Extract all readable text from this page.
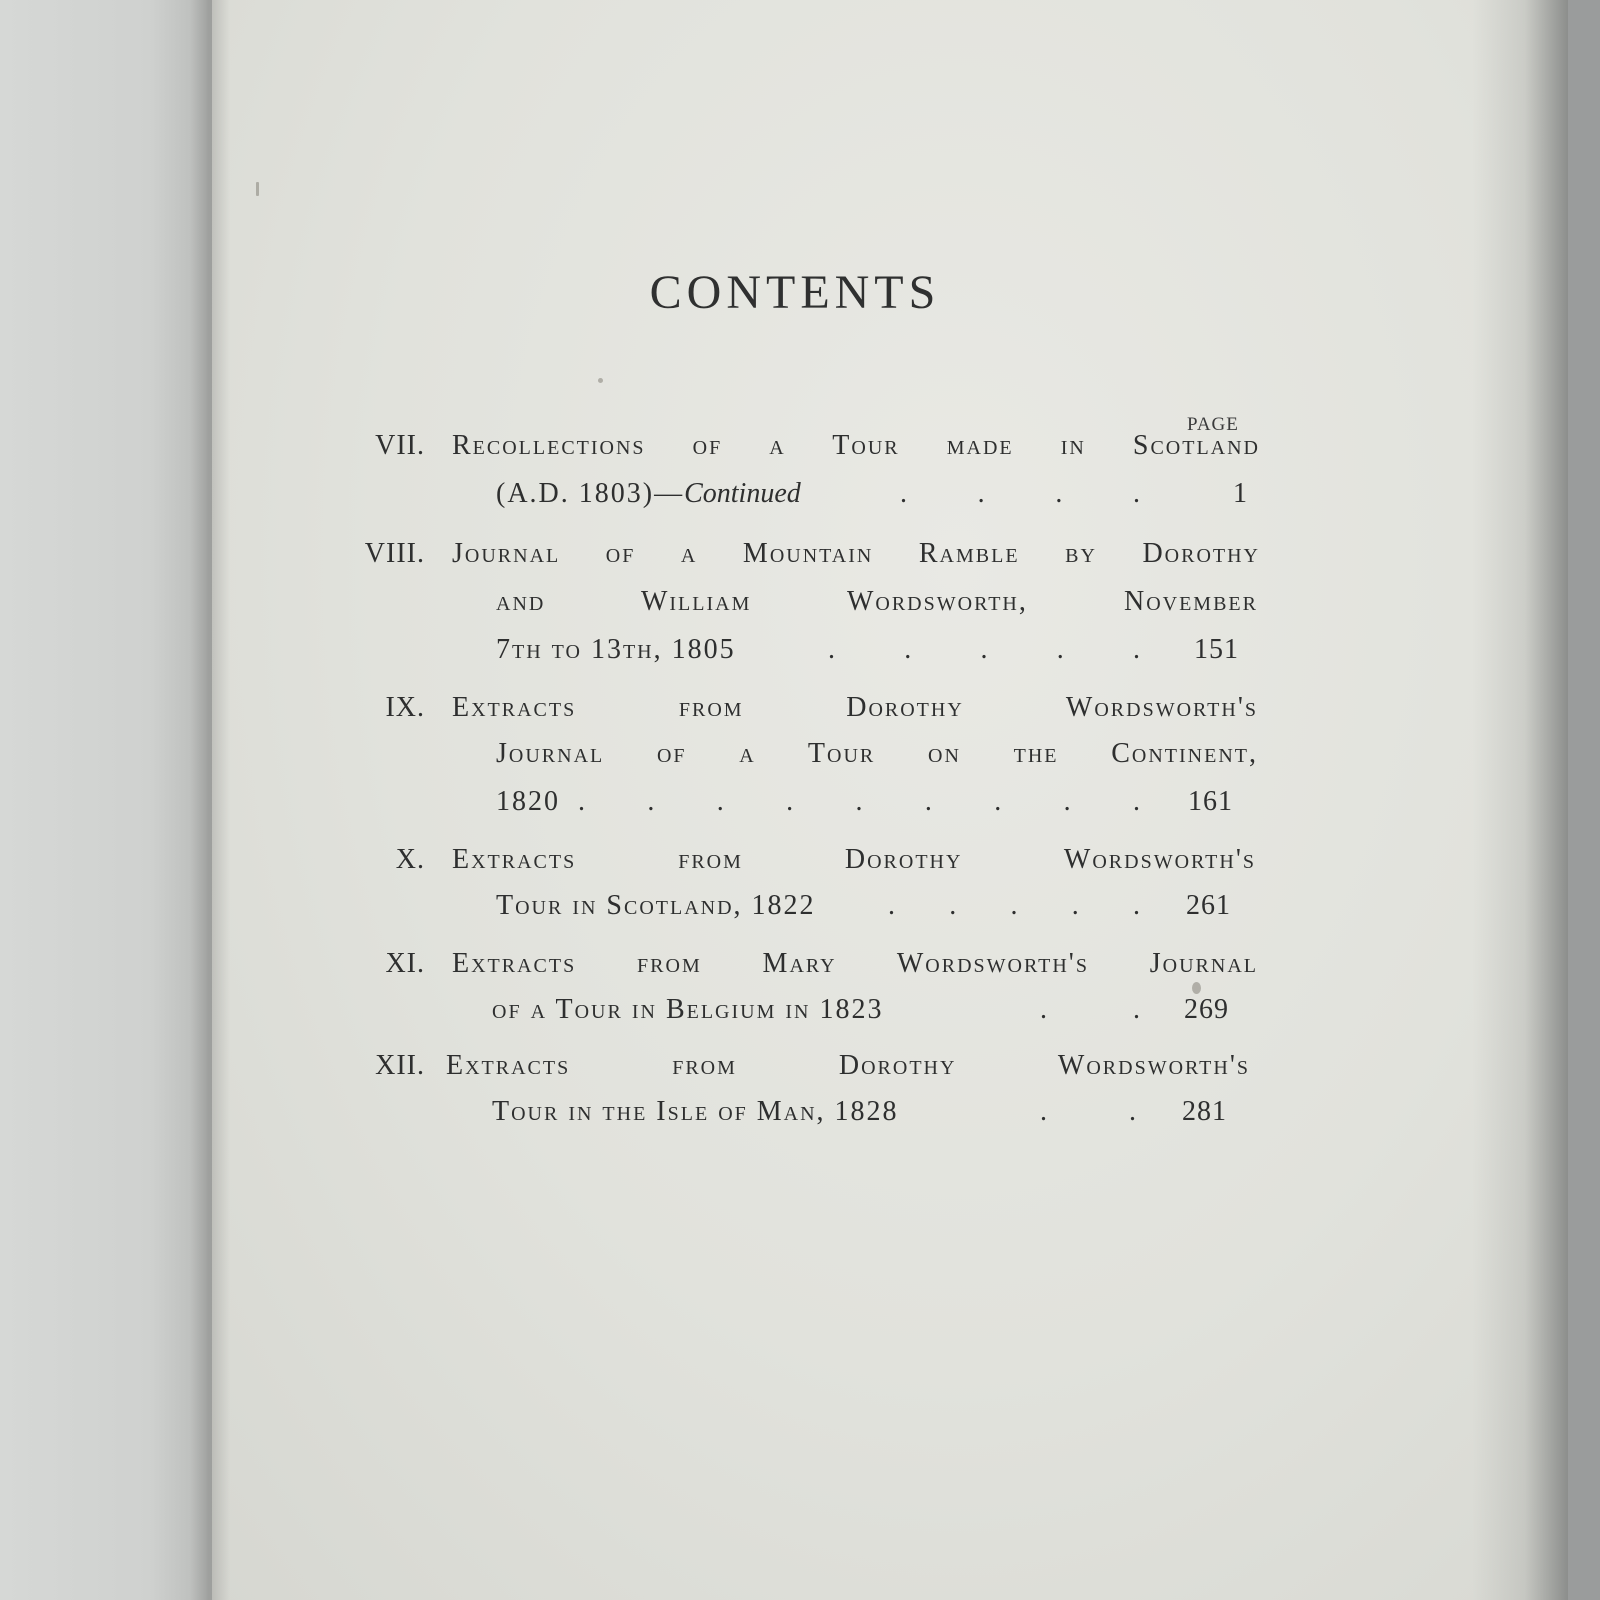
CONTENTS
PAGE
VII. Recollections of a Tour made in Scotland
(A.D. 1803)—Continued	.	.	.	.	1
VIII. Journal of a Mountain Ramble by Dorothy
and William Wordsworth, November
7th to 13th, 1805	. . . . . 151
IX. Extracts from Dorothy Wordsworth's
Journal of a Tour on the Continent,
1820 . . . . . . . . . 161
X. Extracts from Dorothy Wordsworth's
Tour in Scotland, 1822	. . . . . 261
XI. Extracts from Mary Wordsworth's Journal
of a Tour in Belgium in 1823	.	. 269
XII. Extracts from Dorothy Wordsworth's
Tour in the Isle of Man, 1828	.	. 281
